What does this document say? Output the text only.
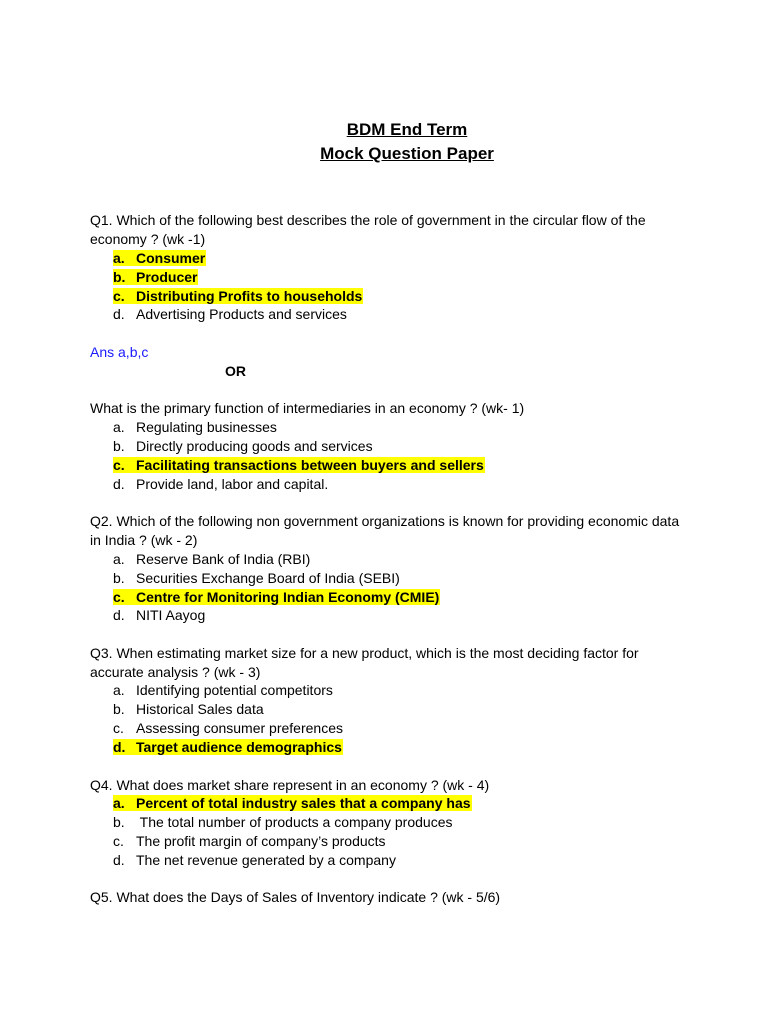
BDM End Term
Mock Question Paper
Q1. Which of the following best describes the role of government in the circular flow of the
economy ? (wk -1)
a. Consumer
b. Producer
c. Distributing Profits to households
d. Advertising Products and services
Ans a,b,c
OR
What is the primary function of intermediaries in an economy ? (wk- 1)
a. Regulating businesses
b. Directly producing goods and services
c. Facilitating transactions between buyers and sellers
d. Provide land, labor and capital.
Q2. Which of the following non government organizations is known for providing economic data
in India ? (wk - 2)
a. Reserve Bank of India (RBI)
b. Securities Exchange Board of India (SEBI)
c. Centre for Monitoring Indian Economy (CMIE)
d. NITI Aayog
Q3. When estimating market size for a new product, which is the most deciding factor for
accurate analysis ? (wk - 3)
a. Identifying potential competitors
b. Historical Sales data
c. Assessing consumer preferences
d. Target audience demographics
Q4. What does market share represent in an economy ? (wk - 4)
a. Percent of total industry sales that a company has
b. The total number of products a company produces
c. The profit margin of company’s products
d. The net revenue generated by a company
Q5. What does the Days of Sales of Inventory indicate ? (wk - 5/6)
